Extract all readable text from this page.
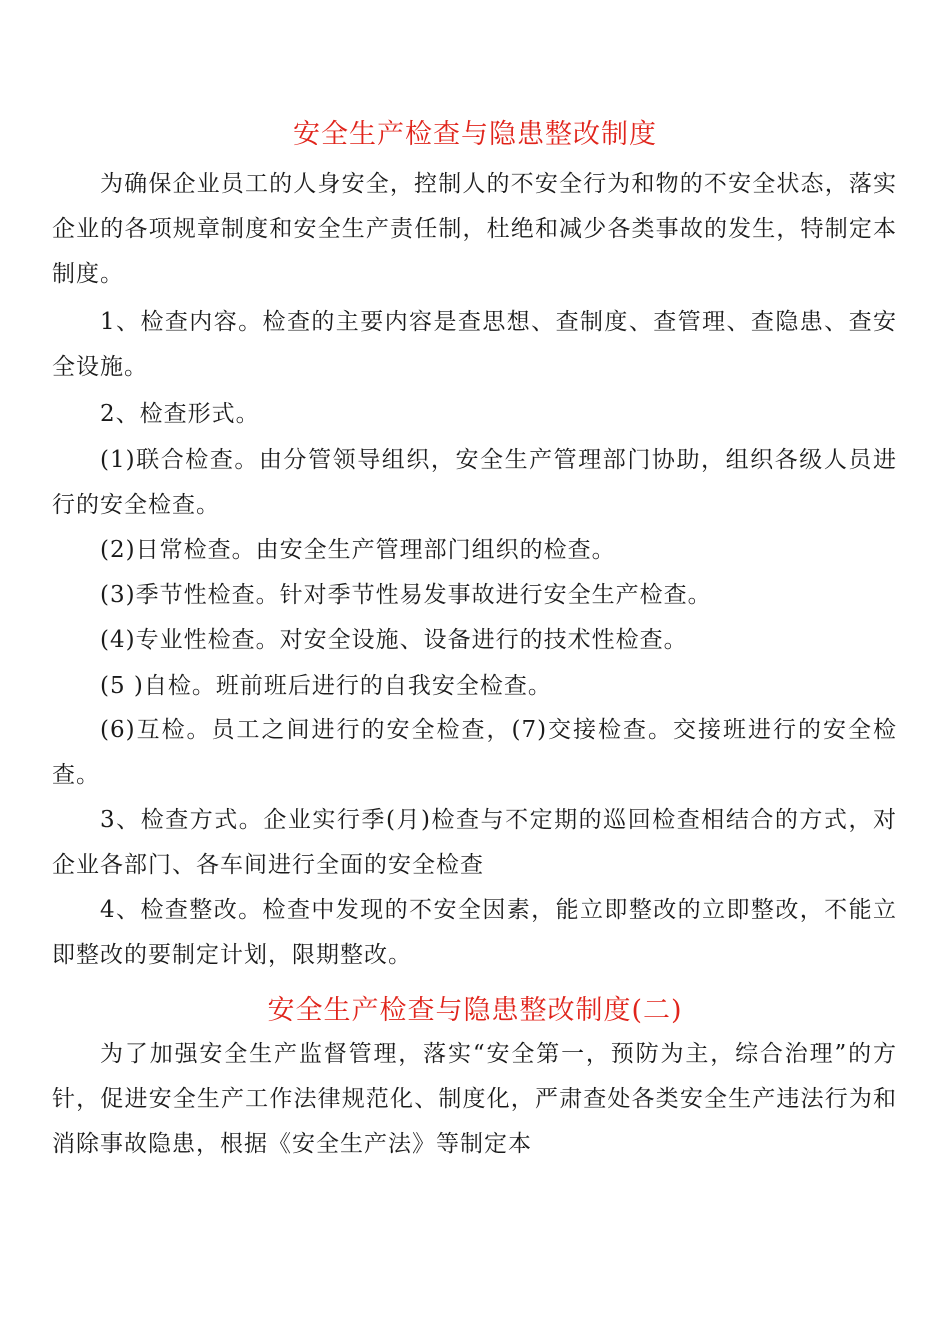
安全生产检查与隐患整改制度

为确保企业员工的人身安全，控制人的不安全行为和物的不安全状态，落实企业的各项规章制度和安全生产责任制，杜绝和减少各类事故的发生，特制定本制度。

1、检查内容。检查的主要内容是查思想、查制度、查管理、查隐患、查安全设施。

2、检查形式。

(1)联合检查。由分管领导组织，安全生产管理部门协助，组织各级人员进行的安全检查。

(2)日常检查。由安全生产管理部门组织的检查。

(3)季节性检查。针对季节性易发事故进行安全生产检查。

(4)专业性检查。对安全设施、设备进行的技术性检查。

(5 )自检。班前班后进行的自我安全检查。

(6)互检。员工之间进行的安全检查，(7)交接检查。交接班进行的安全检查。

3、检查方式。企业实行季(月)检查与不定期的巡回检查相结合的方式，对企业各部门、各车间进行全面的安全检查

4、检查整改。检查中发现的不安全因素，能立即整改的立即整改，不能立即整改的要制定计划，限期整改。

安全生产检查与隐患整改制度(二)

为了加强安全生产监督管理，落实“安全第一，预防为主，综合治理”的方针，促进安全生产工作法律规范化、制度化，严肃查处各类安全生产违法行为和消除事故隐患，根据《安全生产法》等制定本
